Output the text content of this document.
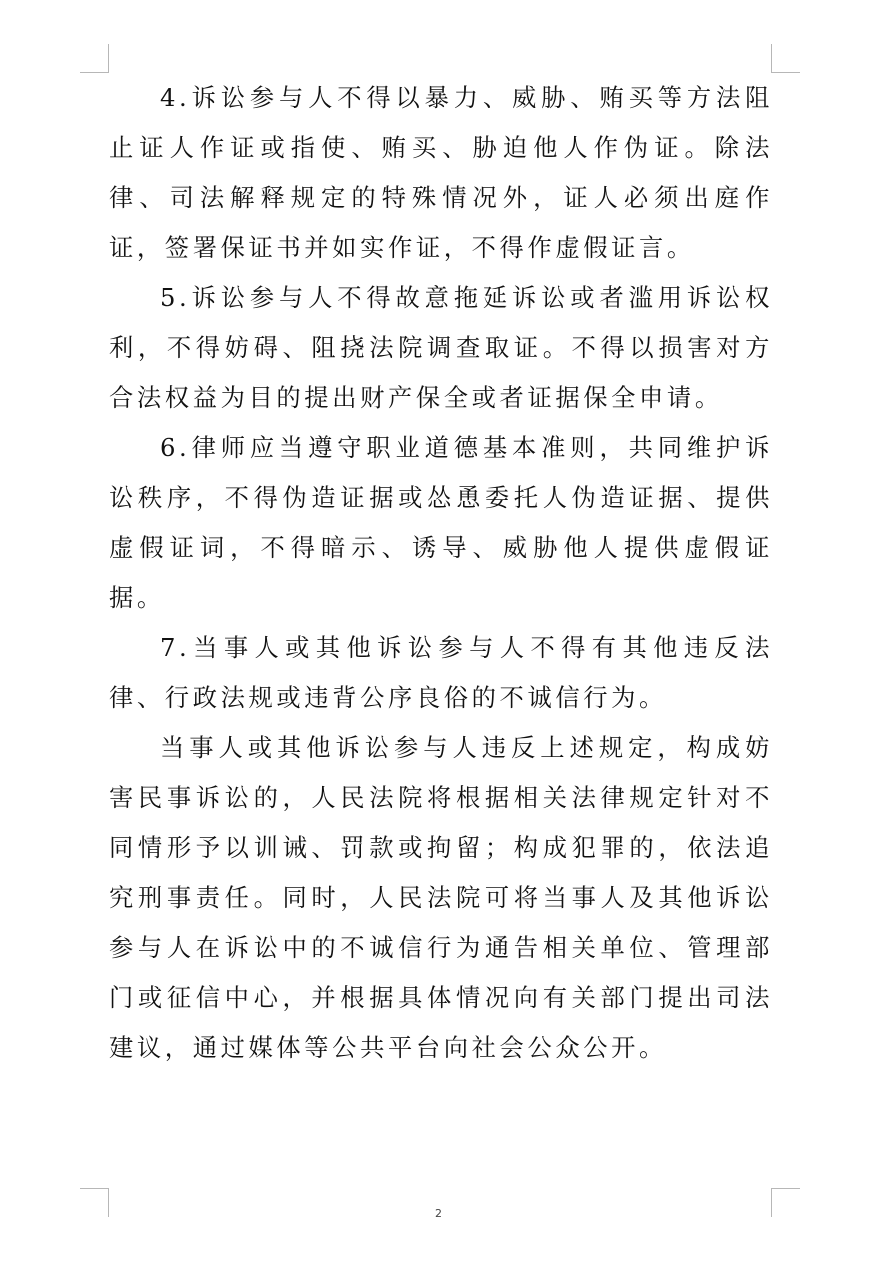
4.诉讼参与人不得以暴力、威胁、贿买等方法阻止证人作证或指使、贿买、胁迫他人作伪证。除法律、司法解释规定的特殊情况外，证人必须出庭作证，签署保证书并如实作证，不得作虚假证言。

5.诉讼参与人不得故意拖延诉讼或者滥用诉讼权利，不得妨碍、阻挠法院调查取证。不得以损害对方合法权益为目的提出财产保全或者证据保全申请。

6.律师应当遵守职业道德基本准则，共同维护诉讼秩序，不得伪造证据或怂恿委托人伪造证据、提供虚假证词，不得暗示、诱导、威胁他人提供虚假证据。

7.当事人或其他诉讼参与人不得有其他违反法律、行政法规或违背公序良俗的不诚信行为。

当事人或其他诉讼参与人违反上述规定，构成妨害民事诉讼的，人民法院将根据相关法律规定针对不同情形予以训诫、罚款或拘留；构成犯罪的，依法追究刑事责任。同时，人民法院可将当事人及其他诉讼参与人在诉讼中的不诚信行为通告相关单位、管理部门或征信中心，并根据具体情况向有关部门提出司法建议，通过媒体等公共平台向社会公众公开。

2
